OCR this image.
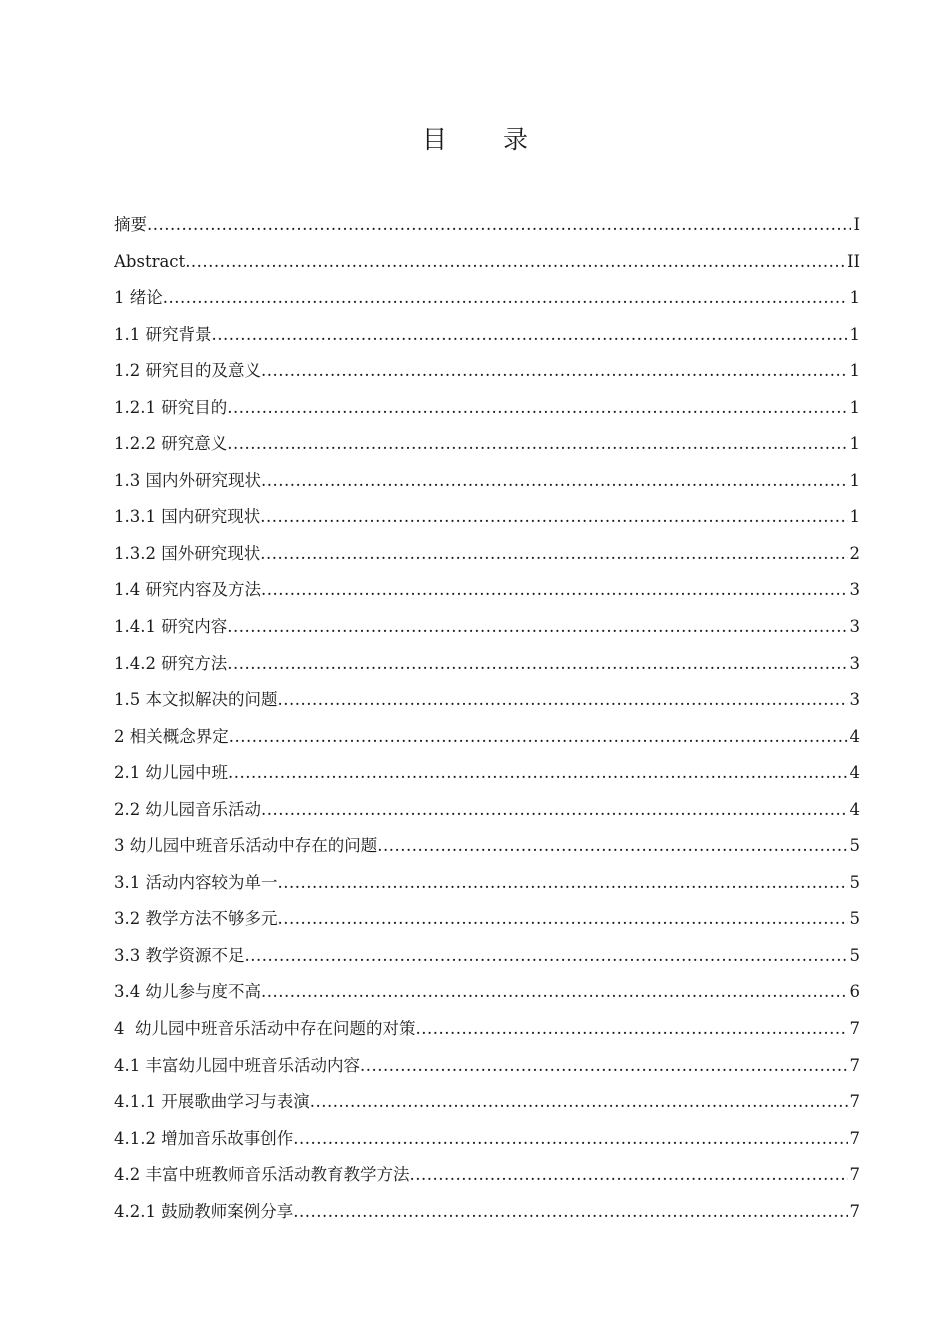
目 录
摘要 .....	I
Abstract .....	II
1 绪论 .....	1
1.1 研究背景 .....	1
1.2 研究目的及意义 .....	1
1.2.1 研究目的 .....	1
1.2.2 研究意义 .....	1
1.3 国内外研究现状 .....	1
1.3.1 国内研究现状 .....	1
1.3.2 国外研究现状 .....	2
1.4 研究内容及方法 .....	3
1.4.1 研究内容 .....	3
1.4.2 研究方法 .....	3
1.5 本文拟解决的问题 .....	3
2 相关概念界定 .....	4
2.1 幼儿园中班 .....	4
2.2 幼儿园音乐活动 .....	4
3 幼儿园中班音乐活动中存在的问题 .....	5
3.1 活动内容较为单一 .....	5
3.2 教学方法不够多元 .....	5
3.3 教学资源不足 .....	5
3.4 幼儿参与度不高 .....	6
4  幼儿园中班音乐活动中存在问题的对策 .....	7
4.1 丰富幼儿园中班音乐活动内容 .....	7
4.1.1 开展歌曲学习与表演 .....	7
4.1.2 增加音乐故事创作 .....	7
4.2 丰富中班教师音乐活动教育教学方法 .....	7
4.2.1 鼓励教师案例分享 .....	7
